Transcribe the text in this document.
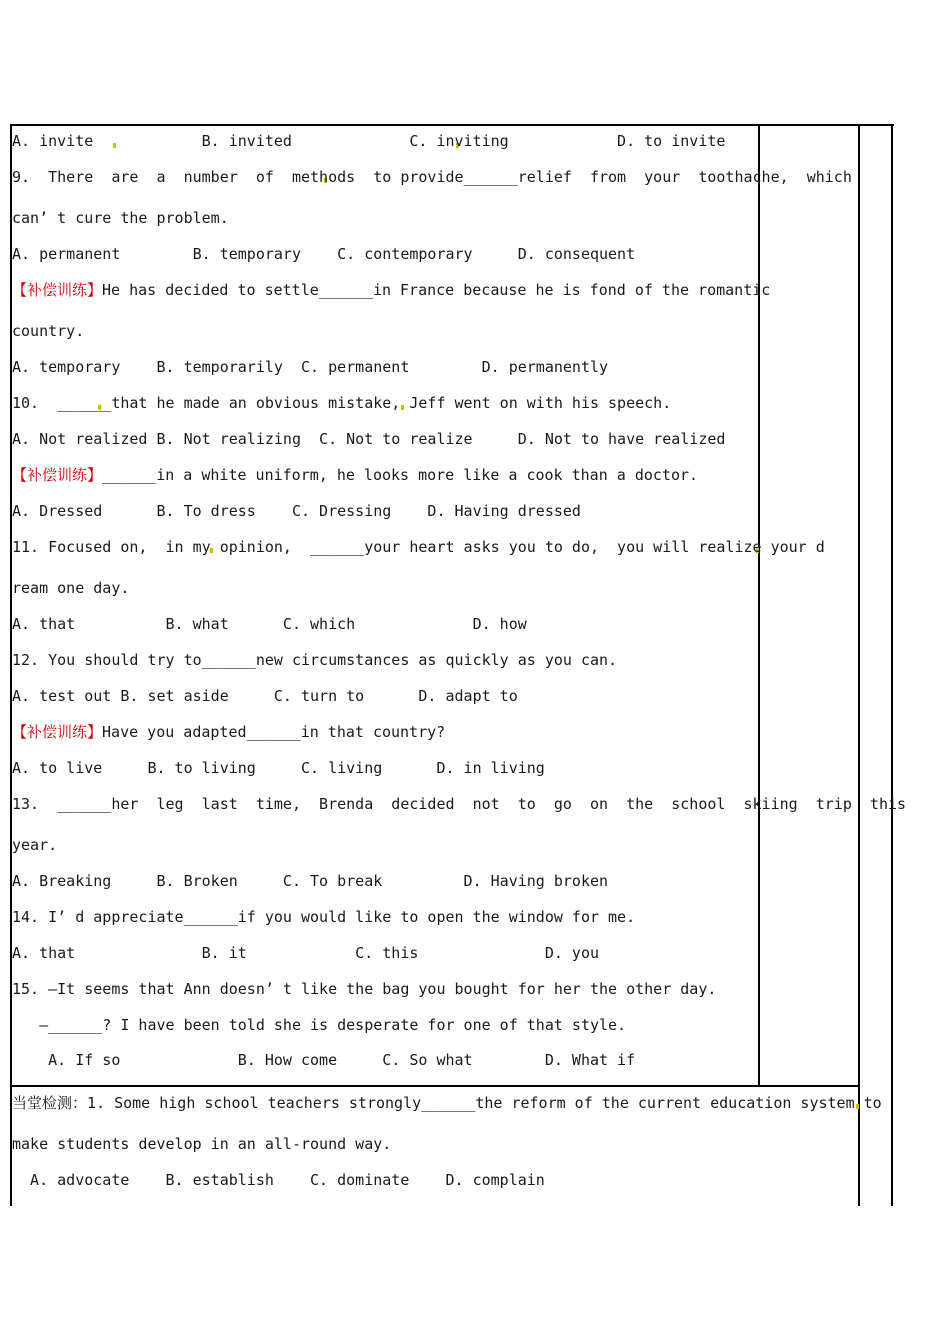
A. invite            B. invited             C. inviting            D. to invite
9.  There  are  a  number  of  methods  to provide______relief  from  your  toothache,  which
can’ t cure the problem.
A. permanent        B. temporary    C. contemporary     D. consequent
【补偿训练】He has decided to settle______in France because he is fond of the romantic
country.
A. temporary    B. temporarily  C. permanent        D. permanently
10.  ______that he made an obvious mistake, Jeff went on with his speech.
A. Not realized B. Not realizing  C. Not to realize     D. Not to have realized
【补偿训练】______in a white uniform, he looks more like a cook than a doctor.
A. Dressed      B. To dress    C. Dressing    D. Having dressed
11. Focused on,  in my opinion,  ______your heart asks you to do,  you will realize your d
ream one day.
A. that          B. what      C. which             D. how
12. You should try to______new circumstances as quickly as you can.
A. test out B. set aside     C. turn to      D. adapt to
【补偿训练】Have you adapted______in that country?
A. to live     B. to living     C. living      D. in living
13.  ______her  leg  last  time,  Brenda  decided  not  to  go  on  the  school  skiing  trip  this
year.
A. Breaking     B. Broken     C. To break         D. Having broken
14. I’ d appreciate______if you would like to open the window for me.
A. that              B. it            C. this              D. you
15. —It seems that Ann doesn’ t like the bag you bought for her the other day.
—______? I have been told she is desperate for one of that style.
A. If so             B. How come     C. So what        D. What if
当堂检测：1. Some high school teachers strongly______the reform of the current education system to
make students develop in an all-round way.
A. advocate    B. establish    C. dominate    D. complain
